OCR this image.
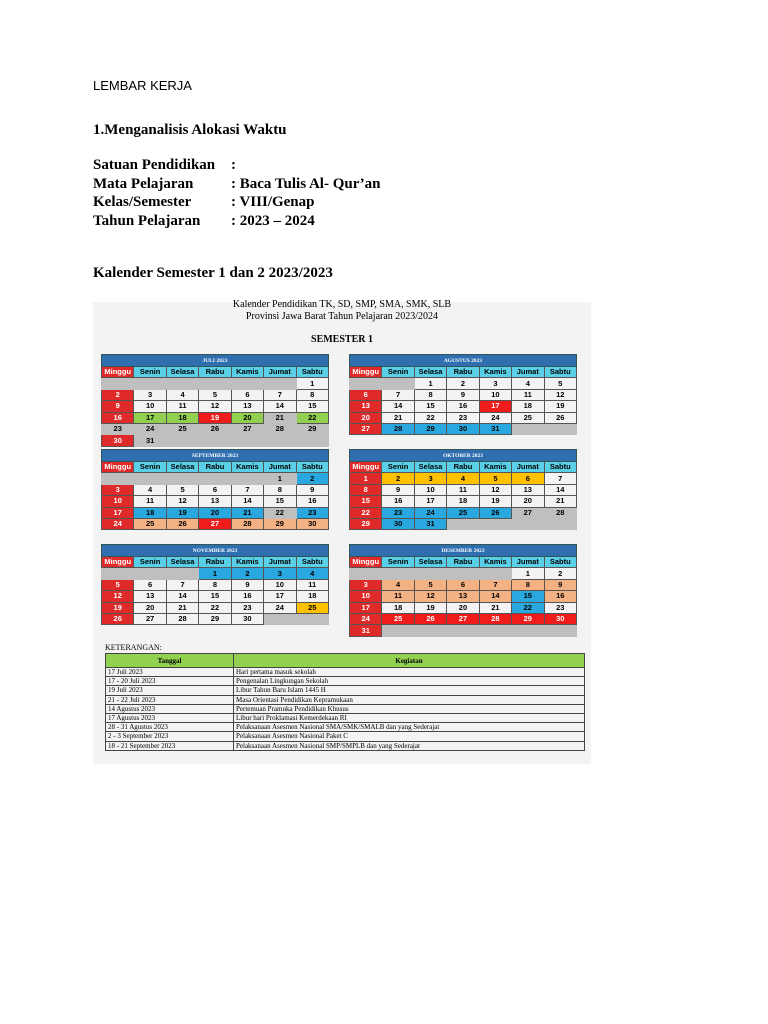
LEMBAR KERJA
1.Menganalisis Alokasi Waktu
Satuan Pendidikan	:
Mata Pelajaran	: Baca Tulis Al- Qur’an
Kelas/Semester	: VIII/Genap
Tahun Pelajaran	: 2023 – 2024
Kalender Semester 1 dan 2 2023/2023
Kalender Pendidikan TK, SD, SMP, SMA, SMK, SLB
Provinsi Jawa Barat Tahun Pelajaran 2023/2024
SEMESTER 1
KETERANGAN:
Tanggal	Kegiatan
17 Juli 2023	Hari pertama masuk sekolah
17 - 20 Juli 2023	Pengenalan Lingkungan Sekolah
19 Juli 2023	Libur Tahun Baru Islam 1445 H
21 - 22 Juli 2023	Masa Orientasi Pendidikan Kepramukaan
14 Agustus 2023	Pertemuan Pramuka Pendidikan Khusus
17 Agustus 2023	Libur hari Proklamasi Kemerdekaan RI
28 - 31 Agustus 2023	Pelaksanaan Asesmen Nasional SMA/SMK/SMALB dan yang Sederajat
2 - 3 September 2023	Pelaksanaan Asesmen Nasional Paket C
18 - 21 September 2023	Pelaksanaan Asesmen Nasional SMP/SMPLB dan yang Sederajat
JULI 2023						
Minggu	Senin	Selasa	Rabu	Kamis	Jumat	Sabtu
						1
2	3	4	5	6	7	8
9	10	11	12	13	14	15
16	17	18	19	20	21	22
23	24	25	26	27	28	29
30	31					
AGUSTUS 2023						
Minggu	Senin	Selasa	Rabu	Kamis	Jumat	Sabtu
		1	2	3	4	5
6	7	8	9	10	11	12
13	14	15	16	17	18	19
20	21	22	23	24	25	26
27	28	29	30	31		
SEPTEMBER 2023						
Minggu	Senin	Selasa	Rabu	Kamis	Jumat	Sabtu
					1	2
3	4	5	6	7	8	9
10	11	12	13	14	15	16
17	18	19	20	21	22	23
24	25	26	27	28	29	30
OKTOBER 2023						
Minggu	Senin	Selasa	Rabu	Kamis	Jumat	Sabtu
1	2	3	4	5	6	7
8	9	10	11	12	13	14
15	16	17	18	19	20	21
22	23	24	25	26	27	28
29	30	31				
NOVEMBER 2023						
Minggu	Senin	Selasa	Rabu	Kamis	Jumat	Sabtu
			1	2	3	4
5	6	7	8	9	10	11
12	13	14	15	16	17	18
19	20	21	22	23	24	25
26	27	28	29	30		
DESEMBER 2023						
Minggu	Senin	Selasa	Rabu	Kamis	Jumat	Sabtu
					1	2
3	4	5	6	7	8	9
10	11	12	13	14	15	16
17	18	19	20	21	22	23
24	25	26	27	28	29	30
31						
